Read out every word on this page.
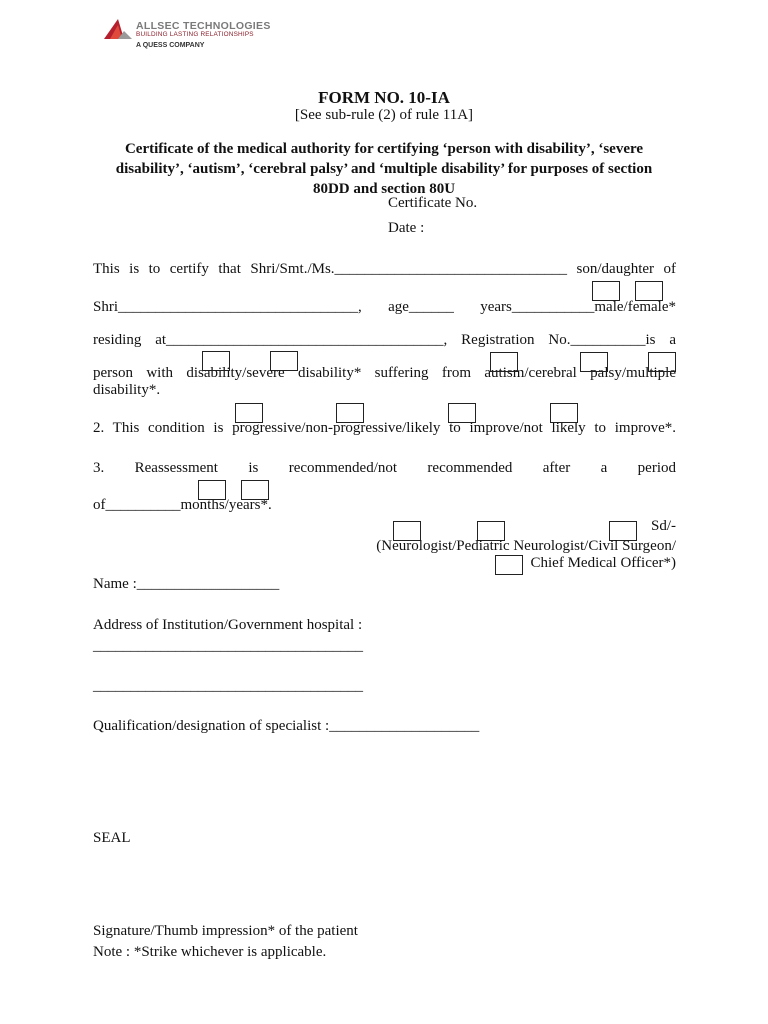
ALLSEC TECHNOLOGIES
BUILDING LASTING RELATIONSHIPS
A QUESS COMPANY
FORM NO. 10-IA
[See sub-rule (2) of rule 11A]
Certificate of the medical authority for certifying ‘person with disability’, ‘severe disability’, ‘autism’, ‘cerebral palsy’ and ‘multiple disability’ for purposes of section 80DD and section 80U
Certificate No.
Date :
This is to certify that Shri/Smt./Ms._______________________________ son/daughter of
Shri________________________________, age______ years___________male/female*
residing at_____________________________________, Registration No.__________is a
person with disability/severe disability* suffering from autism/cerebral palsy/multiple
disability*.
2. This condition is progressive/non-progressive/likely to improve/not likely to improve*.
3. Reassessment is recommended/not recommended after a period
of__________months/years*.
Sd/-
(Neurologist/Pediatric Neurologist/Civil Surgeon/
Chief Medical Officer*)
Name :___________________
Address of Institution/Government hospital :
____________________________________
____________________________________
Qualification/designation of specialist :____________________
SEAL
Signature/Thumb impression* of the patient
Note : *Strike whichever is applicable.
